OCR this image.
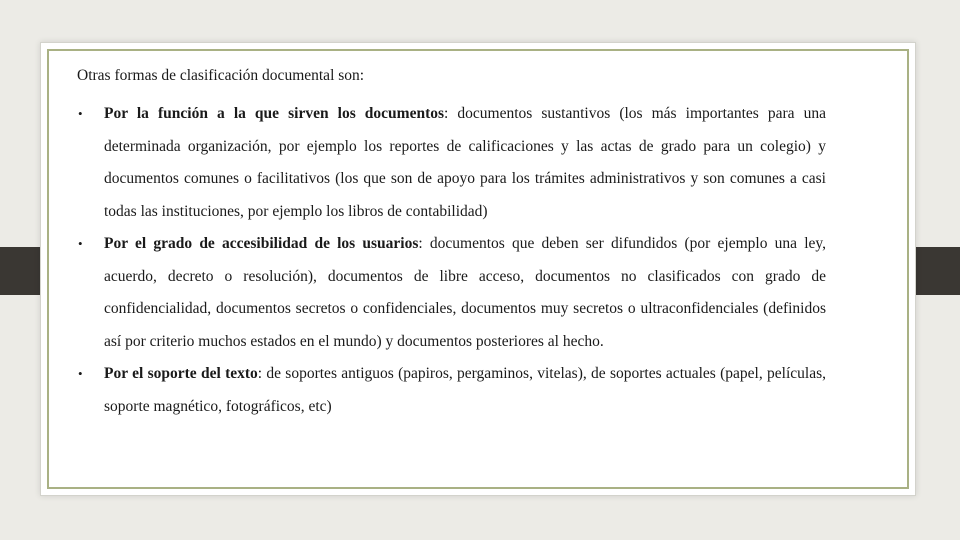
Otras formas de clasificación documental son:

• Por la función a la que sirven los documentos: documentos sustantivos (los más importantes para una determinada organización, por ejemplo los reportes de calificaciones y las actas de grado para un colegio) y documentos comunes o facilitativos (los que son de apoyo para los trámites administrativos y son comunes a casi todas las instituciones, por ejemplo los libros de contabilidad)
• Por el grado de accesibilidad de los usuarios: documentos que deben ser difundidos (por ejemplo una ley, acuerdo, decreto o resolución), documentos de libre acceso, documentos no clasificados con grado de confidencialidad, documentos secretos o confidenciales, documentos muy secretos o ultraconfidenciales (definidos así por criterio muchos estados en el mundo) y documentos posteriores al hecho.
• Por el soporte del texto: de soportes antiguos (papiros, pergaminos, vitelas), de soportes actuales (papel, películas, soporte magnético, fotográficos, etc)
